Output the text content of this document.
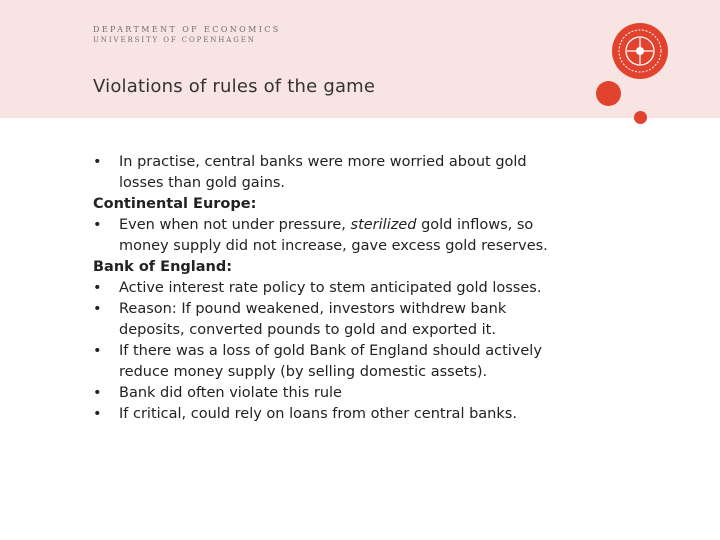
DEPARTMENT OF ECONOMICS
UNIVERSITY OF COPENHAGEN
Violations of rules of the game
•	In practise, central banks were more worried about gold
losses than gold gains.
Continental Europe:
•	Even when not under pressure, sterilized gold inflows, so
money supply did not increase, gave excess gold reserves.
Bank of England:
•	Active interest rate policy to stem anticipated gold losses.
•	Reason: If pound weakened, investors withdrew bank
deposits, converted pounds to gold and exported it.
•	If there was a loss of gold Bank of England should actively
reduce money supply (by selling domestic assets).
•	Bank did often violate this rule
•	If critical, could rely on loans from other central banks.
